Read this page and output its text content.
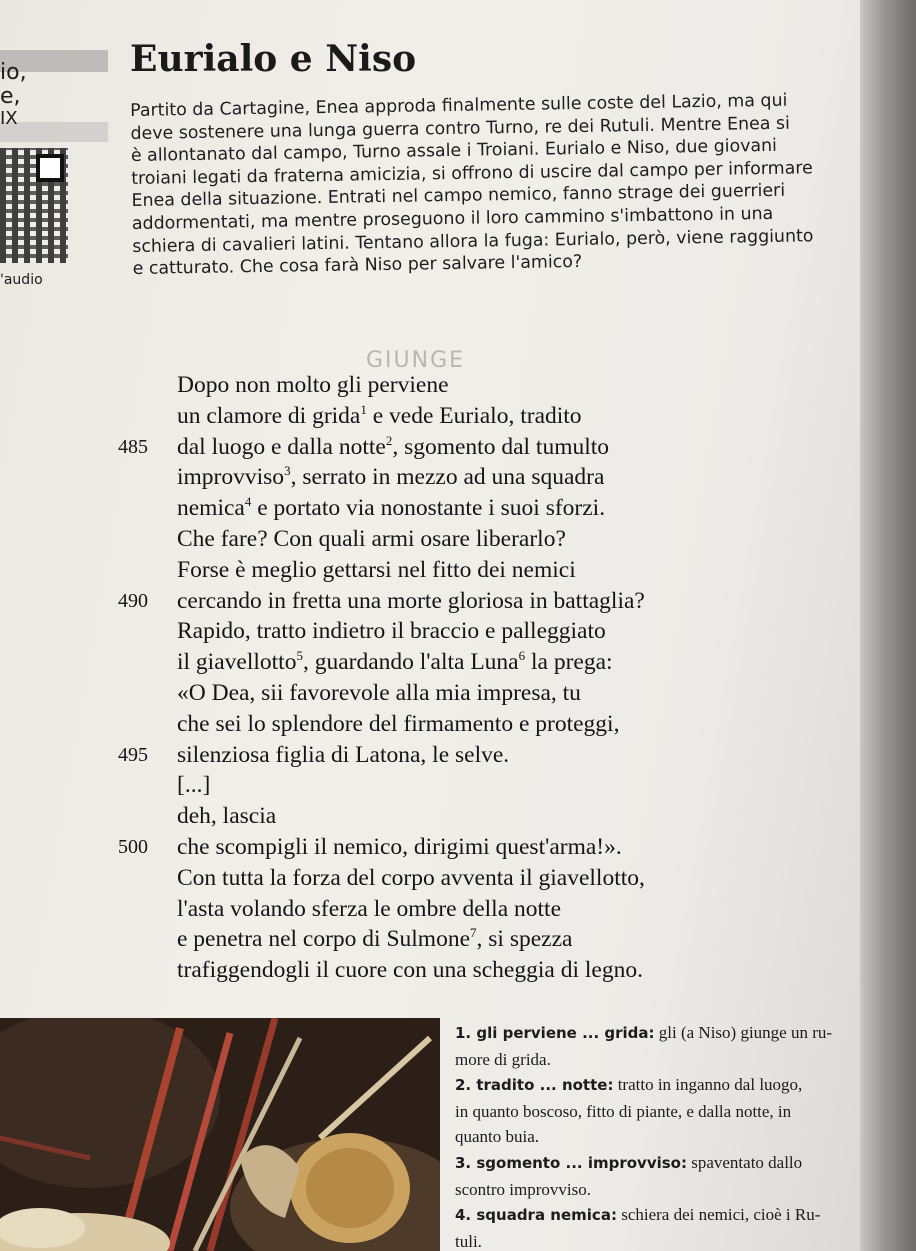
io,
e,
IX
'audio
Eurialo e Niso
Partito da Cartagine, Enea approda finalmente sulle coste del Lazio, ma qui
deve sostenere una lunga guerra contro Turno, re dei Rutuli. Mentre Enea si
è allontanato dal campo, Turno assale i Troiani. Eurialo e Niso, due giovani
troiani legati da fraterna amicizia, si offrono di uscire dal campo per informare
Enea della situazione. Entrati nel campo nemico, fanno strage dei guerrieri
addormentati, ma mentre proseguono il loro cammino s'imbattono in una
schiera di cavalieri latini. Tentano allora la fuga: Eurialo, però, viene raggiunto
e catturato. Che cosa farà Niso per salvare l'amico?
GIUNGE
Dopo non molto gli perviene
un clamore di grida$^1$ e vede Eurialo, tradito
485	dal luogo e dalla notte$^2$, sgomento dal tumulto
improvviso$^3$, serrato in mezzo ad una squadra
nemica$^4$ e portato via nonostante i suoi sforzi.
Che fare? Con quali armi osare liberarlo?
Forse è meglio gettarsi nel fitto dei nemici
490	cercando in fretta una morte gloriosa in battaglia?
Rapido, tratto indietro il braccio e palleggiato
il giavellotto$^5$, guardando l'alta Luna$^6$ la prega:
«O Dea, sii favorevole alla mia impresa, tu
che sei lo splendore del firmamento e proteggi,
495	silenziosa figlia di Latona, le selve.
[...]
deh, lascia
500	che scompigli il nemico, dirigimi quest'arma!».
Con tutta la forza del corpo avventa il giavellotto,
l'asta volando sferza le ombre della notte
e penetra nel corpo di Sulmone$^7$, si spezza
trafiggendogli il cuore con una scheggia di legno.
1. gli perviene ... grida: gli (a Niso) giunge un ru-
more di grida.
2. tradito ... notte: tratto in inganno dal luogo,
in quanto boscoso, fitto di piante, e dalla notte, in
quanto buia.
3. sgomento ... improvviso: spaventato dallo
scontro improvviso.
4. squadra nemica: schiera dei nemici, cioè i Ru-
tuli.
